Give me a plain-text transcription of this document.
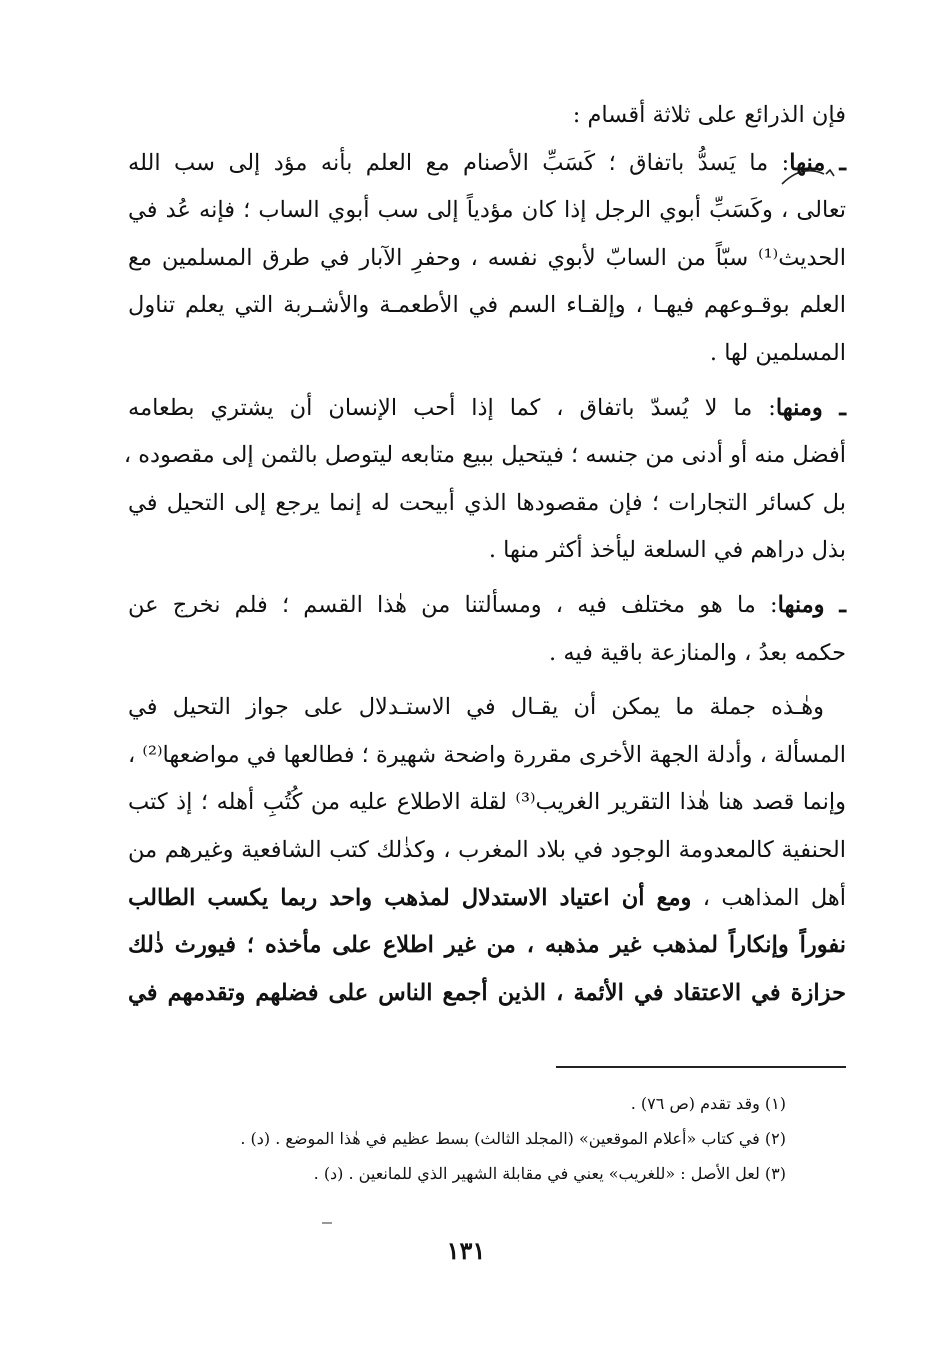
فإن الذرائع على ثلاثة أقسام :
ـ منها: ما يَسدُّ باتفاق ؛ كَسَبِّ الأصنام مع العلم بأنه مؤد إلى سب الله
تعالى ، وكَسَبِّ أبوي الرجل إذا كان مؤدياً إلى سب أبوي الساب ؛ فإنه عُد في
الحديث⁽¹⁾ سبّاً من السابّ لأبوي نفسه ، وحفرِ الآبار في طرق المسلمين مع
العلم بوقـوعهم فيهـا ، وإلقـاء السم في الأطعمـة والأشـربة التي يعلم تناول
المسلمين لها .
ـ ومنها: ما لا يُسدّ باتفاق ، كما إذا أحب الإنسان أن يشتري بطعامه
أفضل منه أو أدنى من جنسه ؛ فيتحيل ببيع متابعه ليتوصل بالثمن إلى مقصوده ،
بل كسائر التجارات ؛ فإن مقصودها الذي أبيحت له إنما يرجع إلى التحيل في
بذل دراهم في السلعة ليأخذ أكثر منها .
ـ ومنها: ما هو مختلف فيه ، ومسألتنا من هٰذا القسم ؛ فلم نخرج عن
حكمه بعدُ ، والمنازعة باقية فيه .
وهٰـذه جملة ما يمكن أن يقـال في الاستـدلال على جواز التحيل في
المسألة ، وأدلة الجهة الأخرى مقررة واضحة شهيرة ؛ فطالعها في مواضعها⁽²⁾ ،
وإنما قصد هنا هٰذا التقرير الغريب⁽³⁾ لقلة الاطلاع عليه من كُتُبِ أهله ؛ إذ كتب
الحنفية كالمعدومة الوجود في بلاد المغرب ، وكذٰلك كتب الشافعية وغيرهم من
أهل المذاهب ، ومع أن اعتياد الاستدلال لمذهب واحد ربما يكسب الطالب
نفوراً وإنكاراً لمذهب غير مذهبه ، من غير اطلاع على مأخذه ؛ فيورث ذٰلك
حزازة في الاعتقاد في الأئمة ، الذين أجمع الناس على فضلهم وتقدمهم في
(١) وقد تقدم (ص ٧٦) .
(٢) في كتاب «أعلام الموقعين» (المجلد الثالث) بسط عظيم في هٰذا الموضع . (د) .
(٣) لعل الأصل : «للغريب» يعني في مقابلة الشهير الذي للمانعين . (د) .
١٣١
